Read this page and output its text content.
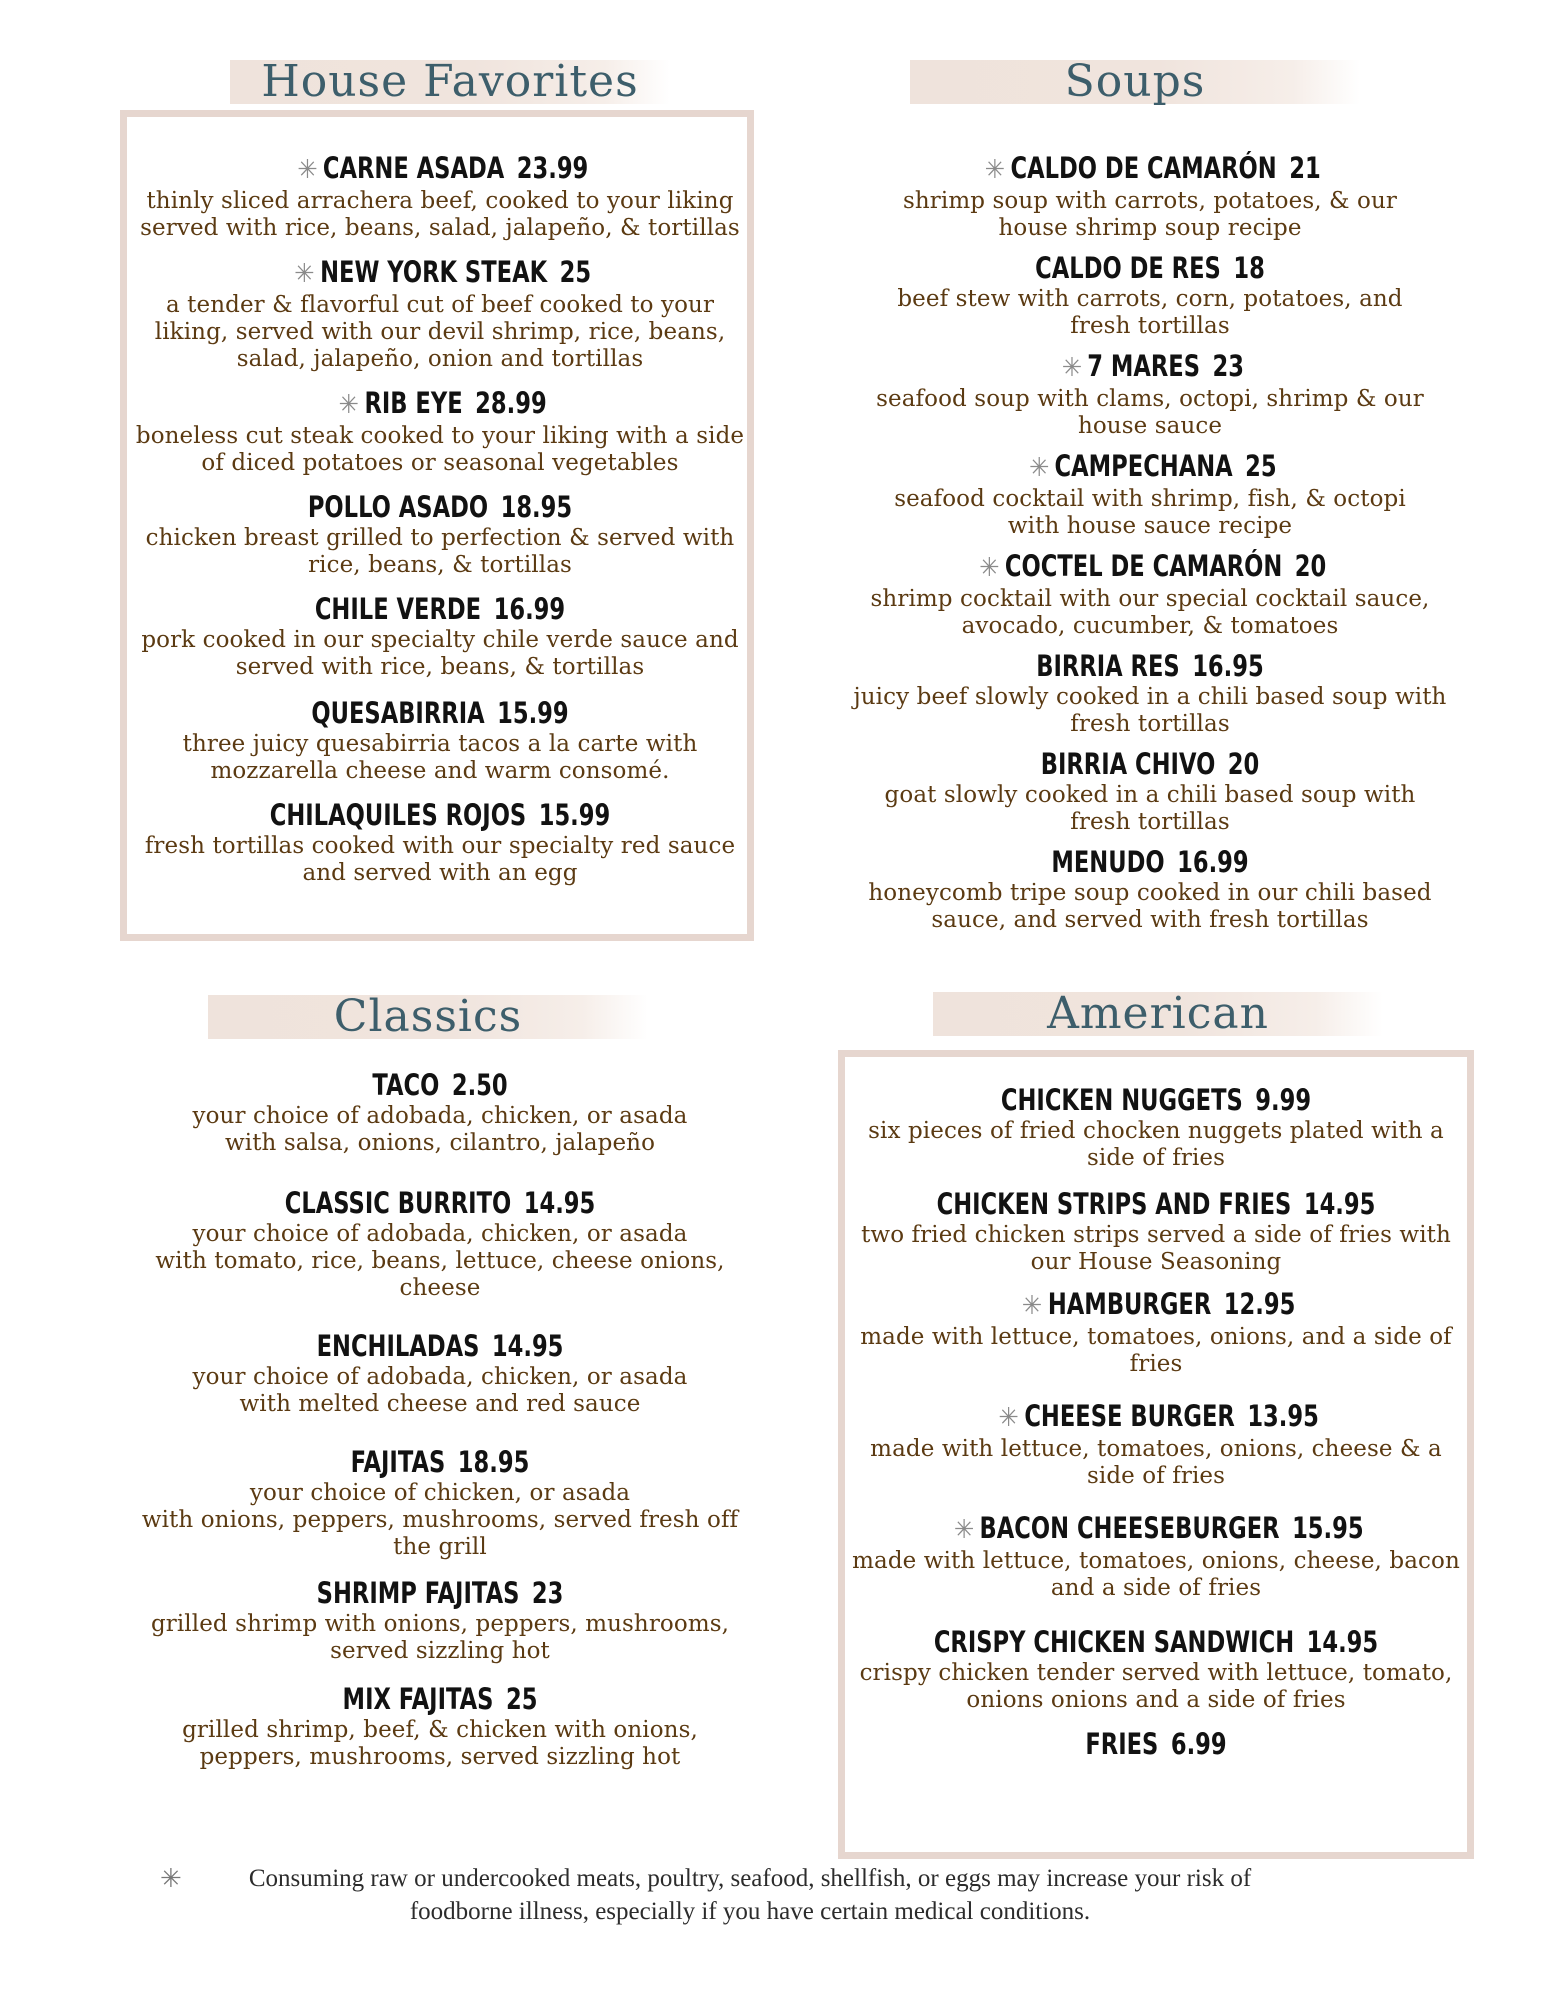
House Favorites
✳ CARNE ASADA 23.99
thinly sliced arrachera beef, cooked to your liking
served with rice, beans, salad, jalapeño, & tortillas
✳ NEW YORK STEAK 25
a tender & flavorful cut of beef cooked to your
liking, served with our devil shrimp, rice, beans,
salad, jalapeño, onion and tortillas
✳ RIB EYE 28.99
boneless cut steak cooked to your liking with a side
of diced potatoes or seasonal vegetables
POLLO ASADO 18.95
chicken breast grilled to perfection & served with
rice, beans, & tortillas
CHILE VERDE 16.99
pork cooked in our specialty chile verde sauce and
served with rice, beans, & tortillas
QUESABIRRIA 15.99
three juicy quesabirria tacos a la carte with
mozzarella cheese and warm consomé.
CHILAQUILES ROJOS 15.99
fresh tortillas cooked with our specialty red sauce
and served with an egg
Soups
✳ CALDO DE CAMARÓN 21
shrimp soup with carrots, potatoes, & our
house shrimp soup recipe
CALDO DE RES 18
beef stew with carrots, corn, potatoes, and
fresh tortillas
✳ 7 MARES 23
seafood soup with clams, octopi, shrimp & our
house sauce
✳ CAMPECHANA 25
seafood cocktail with shrimp, fish, & octopi
with house sauce recipe
✳ COCTEL DE CAMARÓN 20
shrimp cocktail with our special cocktail sauce,
avocado, cucumber, & tomatoes
BIRRIA RES 16.95
juicy beef slowly cooked in a chili based soup with
fresh tortillas
BIRRIA CHIVO 20
goat slowly cooked in a chili based soup with
fresh tortillas
MENUDO 16.99
honeycomb tripe soup cooked in our chili based
sauce, and served with fresh tortillas
Classics
TACO 2.50
your choice of adobada, chicken, or asada
with salsa, onions, cilantro, jalapeño
CLASSIC BURRITO 14.95
your choice of adobada, chicken, or asada
with tomato, rice, beans, lettuce, cheese onions,
cheese
ENCHILADAS 14.95
your choice of adobada, chicken, or asada
with melted cheese and red sauce
FAJITAS 18.95
your choice of chicken, or asada
with onions, peppers, mushrooms, served fresh off
the grill
SHRIMP FAJITAS 23
grilled shrimp with onions, peppers, mushrooms,
served sizzling hot
MIX FAJITAS 25
grilled shrimp, beef, & chicken with onions,
peppers, mushrooms, served sizzling hot
American
CHICKEN NUGGETS 9.99
six pieces of fried chocken nuggets plated with a
side of fries
CHICKEN STRIPS AND FRIES 14.95
two fried chicken strips served a side of fries with
our House Seasoning
✳ HAMBURGER 12.95
made with lettuce, tomatoes, onions, and a side of
fries
✳ CHEESE BURGER 13.95
made with lettuce, tomatoes, onions, cheese & a
side of fries
✳ BACON CHEESEBURGER 15.95
made with lettuce, tomatoes, onions, cheese, bacon
and a side of fries
CRISPY CHICKEN SANDWICH 14.95
crispy chicken tender served with lettuce, tomato,
onions onions and a side of fries
FRIES 6.99
✳	Consuming raw or undercooked meats, poultry, seafood, shellfish, or eggs may increase your risk of
foodborne illness, especially if you have certain medical conditions.
